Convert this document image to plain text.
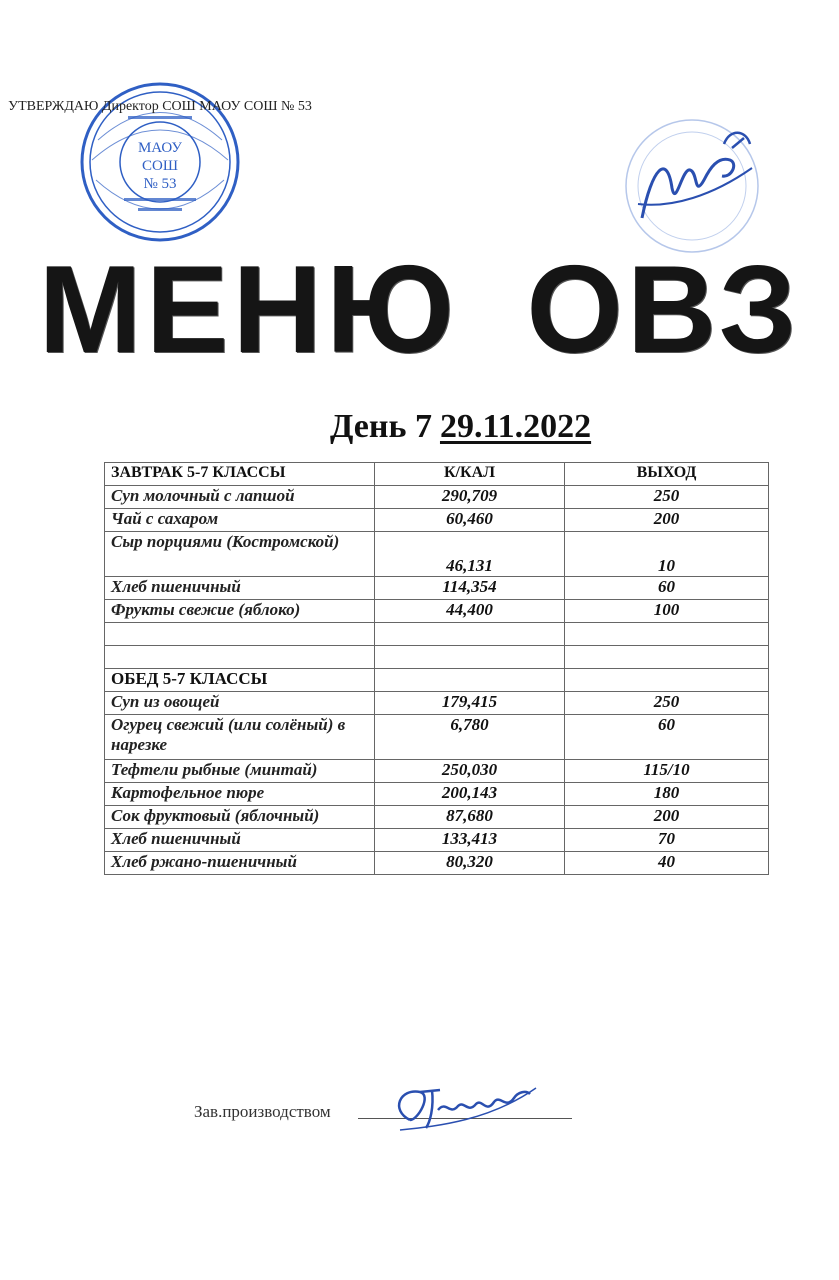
УТВЕРЖДАЮ Директор СОШ МАОУ СОШ № 53
МАОУ
СОШ
№ 53
МЕНЮ ОВЗ
День 7 29.11.2022
ЗАВТРАК 5-7 КЛАССЫ	К/КАЛ	ВЫХОД
Суп молочный с лапшой	290,709	250
Чай с сахаром	60,460	200
Сыр порциями (Костромской)	46,131	10
Хлеб пшеничный	114,354	60
Фрукты свежие (яблоко)	44,400	100

ОБЕД 5-7 КЛАССЫ		
Суп из овощей	179,415	250
Огурец свежий (или солёный) в нарезке	6,780	60
Тефтели рыбные (минтай)	250,030	115/10
Картофельное пюре	200,143	180
Сок фруктовый (яблочный)	87,680	200
Хлеб пшеничный	133,413	70
Хлеб ржано-пшеничный	80,320	40
Зав.производством
